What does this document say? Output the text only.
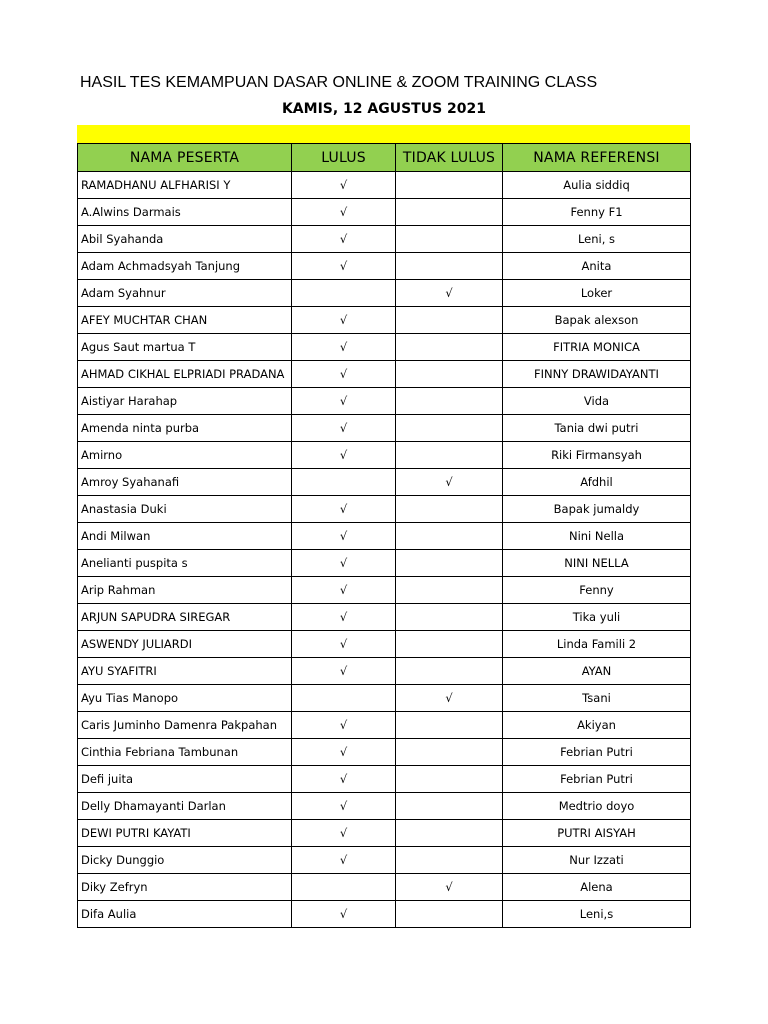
HASIL TES KEMAMPUAN DASAR ONLINE & ZOOM TRAINING CLASS
KAMIS, 12 AGUSTUS 2021
NAMA PESERTA	LULUS	TIDAK LULUS	NAMA REFERENSI
RAMADHANU ALFHARISI Y	√		Aulia siddiq
A.Alwins Darmais	√		Fenny F1
Abil Syahanda	√		Leni, s
Adam Achmadsyah Tanjung	√		Anita
Adam Syahnur		√	Loker
AFEY MUCHTAR CHAN	√		Bapak alexson
Agus Saut martua T	√		FITRIA MONICA
AHMAD CIKHAL ELPRIADI PRADANA	√		FINNY DRAWIDAYANTI
Aistiyar Harahap	√		Vida
Amenda ninta purba	√		Tania dwi putri
Amirno	√		Riki Firmansyah
Amroy Syahanafi		√	Afdhil
Anastasia Duki	√		Bapak jumaldy
Andi Milwan	√		Nini Nella
Anelianti puspita s	√		NINI NELLA
Arip Rahman	√		Fenny
ARJUN SAPUDRA SIREGAR	√		Tika yuli
ASWENDY JULIARDI	√		Linda Famili 2
AYU SYAFITRI	√		AYAN
Ayu Tias Manopo		√	Tsani
Caris Juminho Damenra Pakpahan	√		Akiyan
Cinthia Febriana Tambunan	√		Febrian Putri
Defi juita	√		Febrian Putri
Delly Dhamayanti Darlan	√		Medtrio doyo
DEWI PUTRI KAYATI	√		PUTRI AISYAH
Dicky Dunggio	√		Nur Izzati
Diky Zefryn		√	Alena
Difa Aulia	√		Leni,s
